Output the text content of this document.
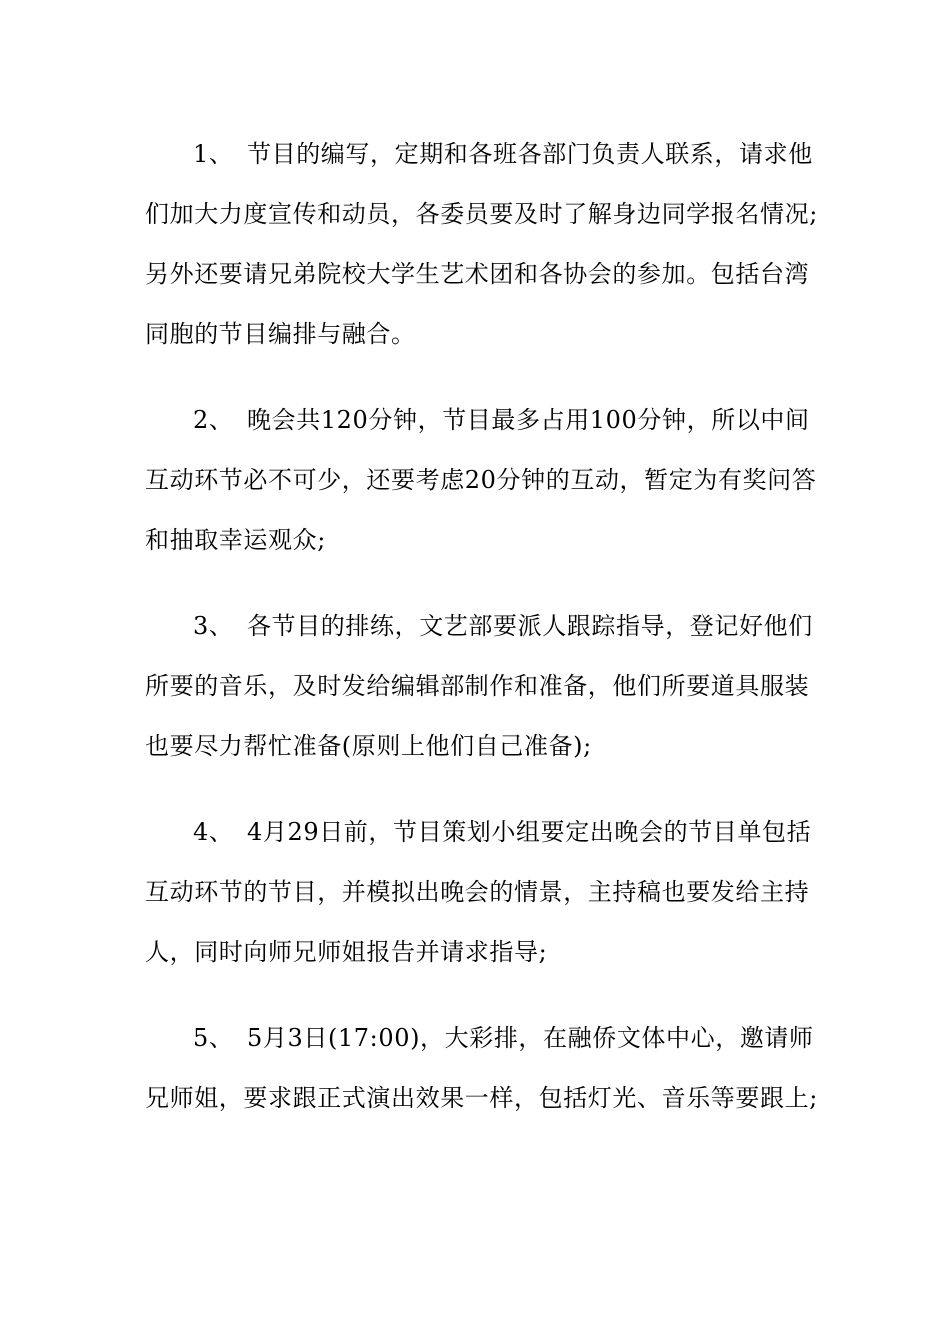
1、 节目的编写，定期和各班各部门负责人联系，请求他
们加大力度宣传和动员，各委员要及时了解身边同学报名情况;
另外还要请兄弟院校大学生艺术团和各协会的参加。包括台湾
同胞的节目编排与融合。
2、 晚会共120分钟，节目最多占用100分钟，所以中间
互动环节必不可少，还要考虑20分钟的互动，暂定为有奖问答
和抽取幸运观众;
3、 各节目的排练，文艺部要派人跟踪指导，登记好他们
所要的音乐，及时发给编辑部制作和准备，他们所要道具服装
也要尽力帮忙准备(原则上他们自己准备);
4、 4月29日前，节目策划小组要定出晚会的节目单包括
互动环节的节目，并模拟出晚会的情景，主持稿也要发给主持
人，同时向师兄师姐报告并请求指导;
5、 5月3日(17:00)，大彩排，在融侨文体中心，邀请师
兄师姐，要求跟正式演出效果一样，包括灯光、音乐等要跟上;
